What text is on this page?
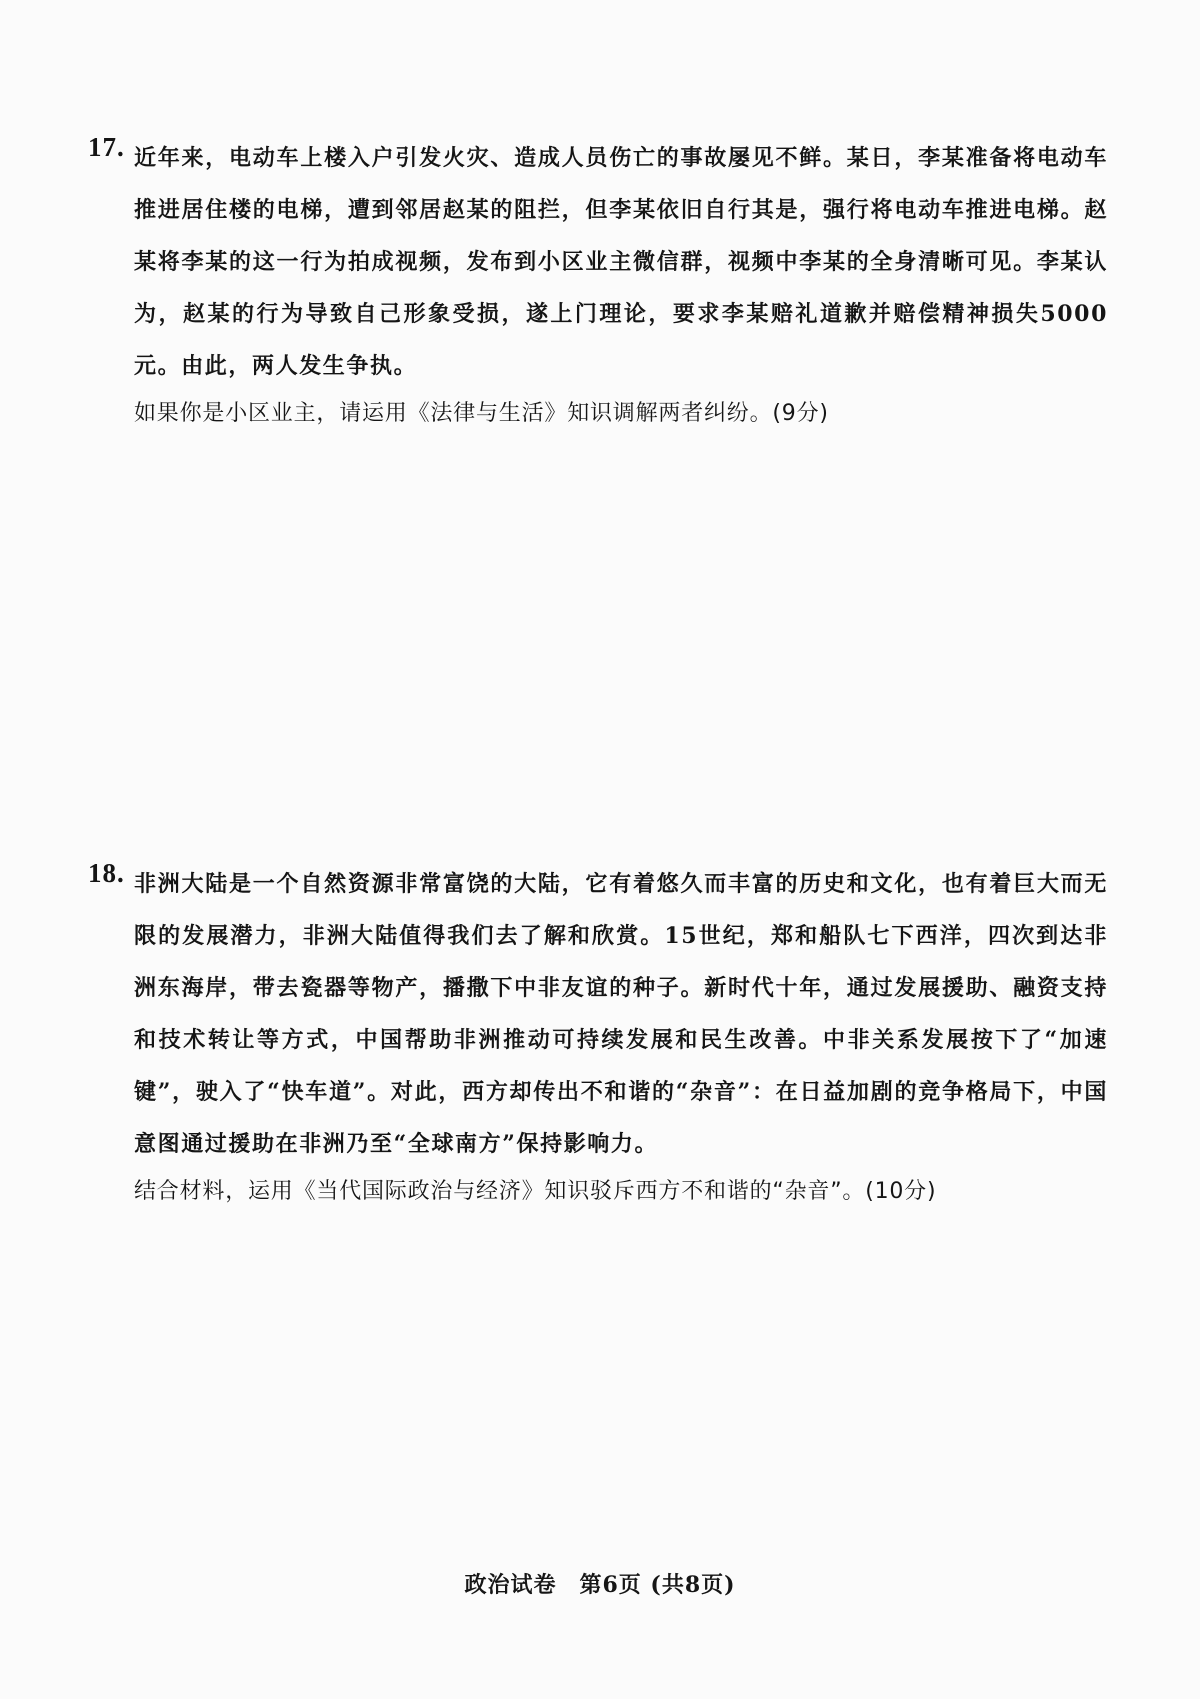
17. 近年来，电动车上楼入户引发火灾、造成人员伤亡的事故屡见不鲜。某日，李某准备将电动车推进居住楼的电梯，遭到邻居赵某的阻拦，但李某依旧自行其是，强行将电动车推进电梯。赵某将李某的这一行为拍成视频，发布到小区业主微信群，视频中李某的全身清晰可见。李某认为，赵某的行为导致自己形象受损，遂上门理论，要求李某赔礼道歉并赔偿精神损失5000元。由此，两人发生争执。

如果你是小区业主，请运用《法律与生活》知识调解两者纠纷。(9分)

18. 非洲大陆是一个自然资源非常富饶的大陆，它有着悠久而丰富的历史和文化，也有着巨大而无限的发展潜力，非洲大陆值得我们去了解和欣赏。15世纪，郑和船队七下西洋，四次到达非洲东海岸，带去瓷器等物产，播撒下中非友谊的种子。新时代十年，通过发展援助、融资支持和技术转让等方式，中国帮助非洲推动可持续发展和民生改善。中非关系发展按下了“加速键”，驶入了“快车道”。对此，西方却传出不和谐的“杂音”：在日益加剧的竞争格局下，中国意图通过援助在非洲乃至“全球南方”保持影响力。

结合材料，运用《当代国际政治与经济》知识驳斥西方不和谐的“杂音”。(10分)

政治试卷　第6页 (共8页)
